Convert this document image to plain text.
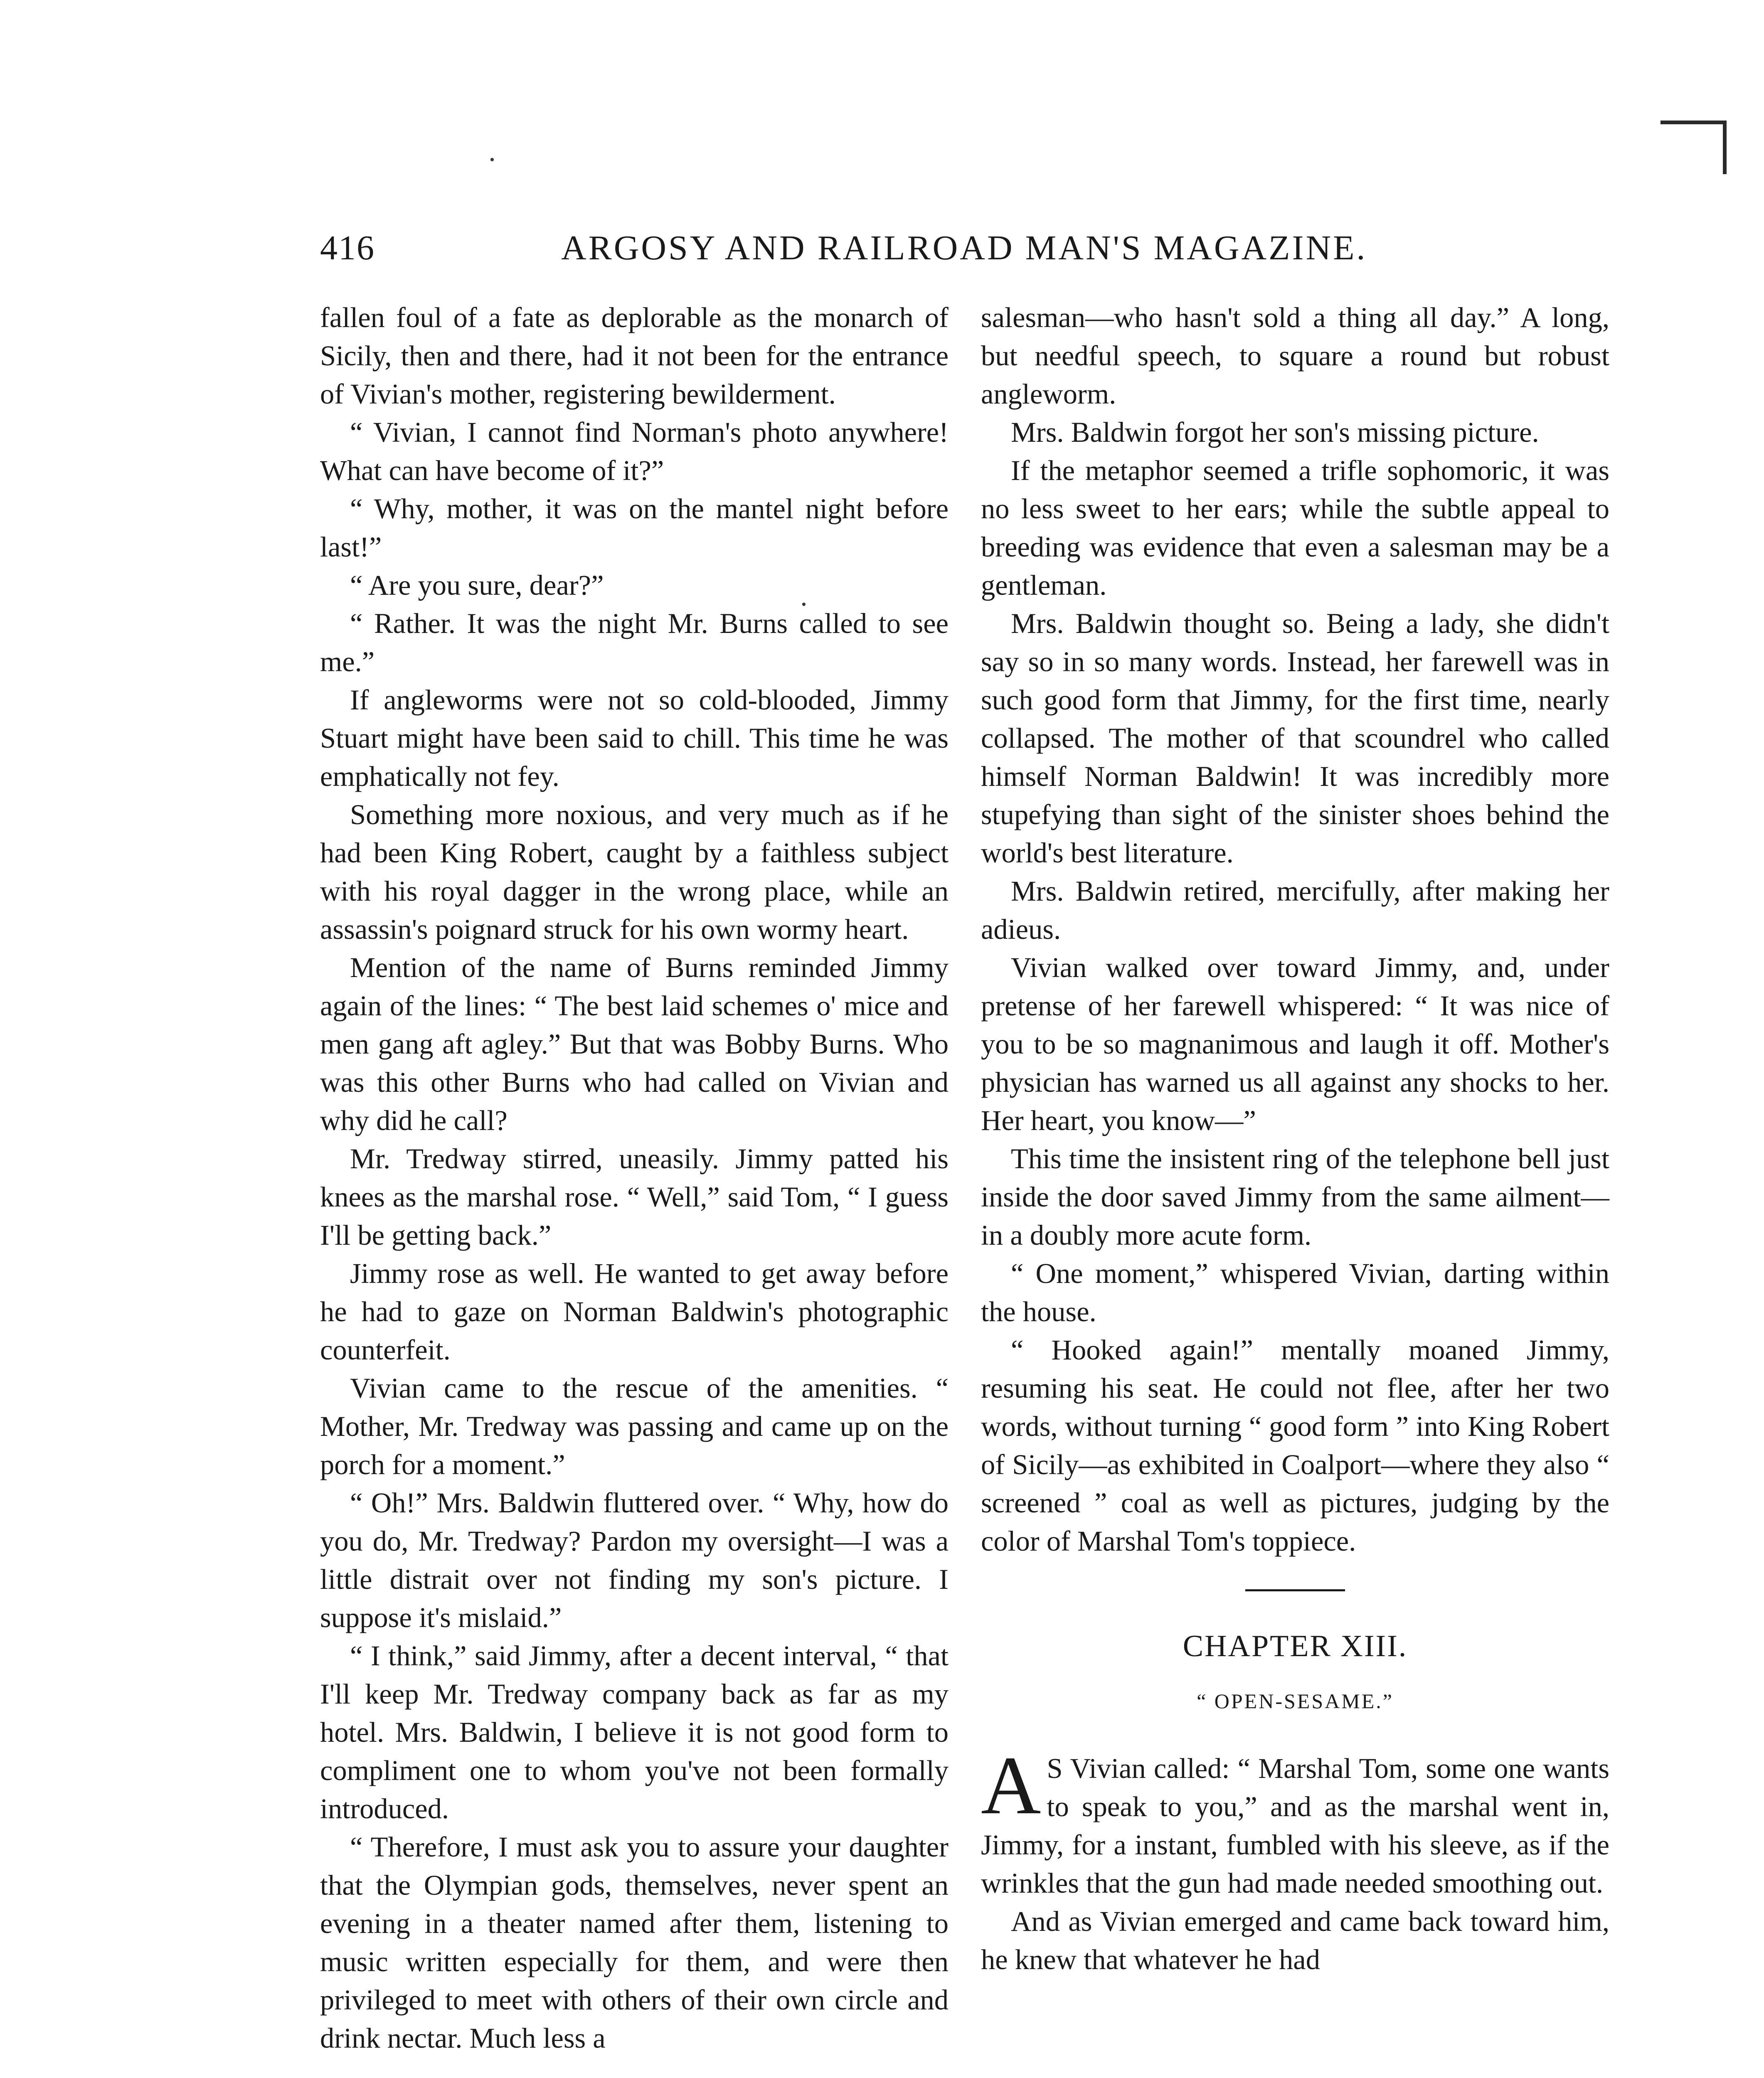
416	ARGOSY AND RAILROAD MAN'S MAGAZINE.

fallen foul of a fate as deplorable as the monarch of Sicily, then and there, had it not been for the entrance of Vivian's mother, registering bewilderment.

“ Vivian, I cannot find Norman's photo anywhere! What can have become of it?”

“ Why, mother, it was on the mantel night before last!”

“ Are you sure, dear?”

“ Rather. It was the night Mr. Burns called to see me.”

If angleworms were not so cold-blooded, Jimmy Stuart might have been said to chill. This time he was emphatically not fey.

Something more noxious, and very much as if he had been King Robert, caught by a faithless subject with his royal dagger in the wrong place, while an assassin's poignard struck for his own wormy heart.

Mention of the name of Burns reminded Jimmy again of the lines: “ The best laid schemes o' mice and men gang aft agley.” But that was Bobby Burns. Who was this other Burns who had called on Vivian and why did he call?

Mr. Tredway stirred, uneasily. Jimmy patted his knees as the marshal rose. “ Well,” said Tom, “ I guess I'll be getting back.”

Jimmy rose as well. He wanted to get away before he had to gaze on Norman Baldwin's photographic counterfeit.

Vivian came to the rescue of the amenities. “ Mother, Mr. Tredway was passing and came up on the porch for a moment.”

“ Oh!” Mrs. Baldwin fluttered over. “ Why, how do you do, Mr. Tredway? Pardon my oversight—I was a little distrait over not finding my son's picture. I suppose it's mislaid.”

“ I think,” said Jimmy, after a decent interval, “ that I'll keep Mr. Tredway company back as far as my hotel. Mrs. Baldwin, I believe it is not good form to compliment one to whom you've not been formally introduced.

“ Therefore, I must ask you to assure your daughter that the Olympian gods, themselves, never spent an evening in a theater named after them, listening to music written especially for them, and were then privileged to meet with others of their own circle and drink nectar. Much less a

salesman—who hasn't sold a thing all day.” A long, but needful speech, to square a round but robust angleworm.

Mrs. Baldwin forgot her son's missing picture.

If the metaphor seemed a trifle sophomoric, it was no less sweet to her ears; while the subtle appeal to breeding was evidence that even a salesman may be a gentleman.

Mrs. Baldwin thought so. Being a lady, she didn't say so in so many words. Instead, her farewell was in such good form that Jimmy, for the first time, nearly collapsed. The mother of that scoundrel who called himself Norman Baldwin! It was incredibly more stupefying than sight of the sinister shoes behind the world's best literature.

Mrs. Baldwin retired, mercifully, after making her adieus.

Vivian walked over toward Jimmy, and, under pretense of her farewell whispered: “ It was nice of you to be so magnanimous and laugh it off. Mother's physician has warned us all against any shocks to her. Her heart, you know—”

This time the insistent ring of the telephone bell just inside the door saved Jimmy from the same ailment—in a doubly more acute form.

“ One moment,” whispered Vivian, darting within the house.

“ Hooked again!” mentally moaned Jimmy, resuming his seat. He could not flee, after her two words, without turning “ good form ” into King Robert of Sicily—as exhibited in Coalport—where they also “ screened ” coal as well as pictures, judging by the color of Marshal Tom's toppiece.

CHAPTER XIII.
“ OPEN-SESAME.”

A S Vivian called: “ Marshal Tom, some one wants to speak to you,” and as the marshal went in, Jimmy, for a instant, fumbled with his sleeve, as if the wrinkles that the gun had made needed smoothing out.

And as Vivian emerged and came back toward him, he knew that whatever he had
